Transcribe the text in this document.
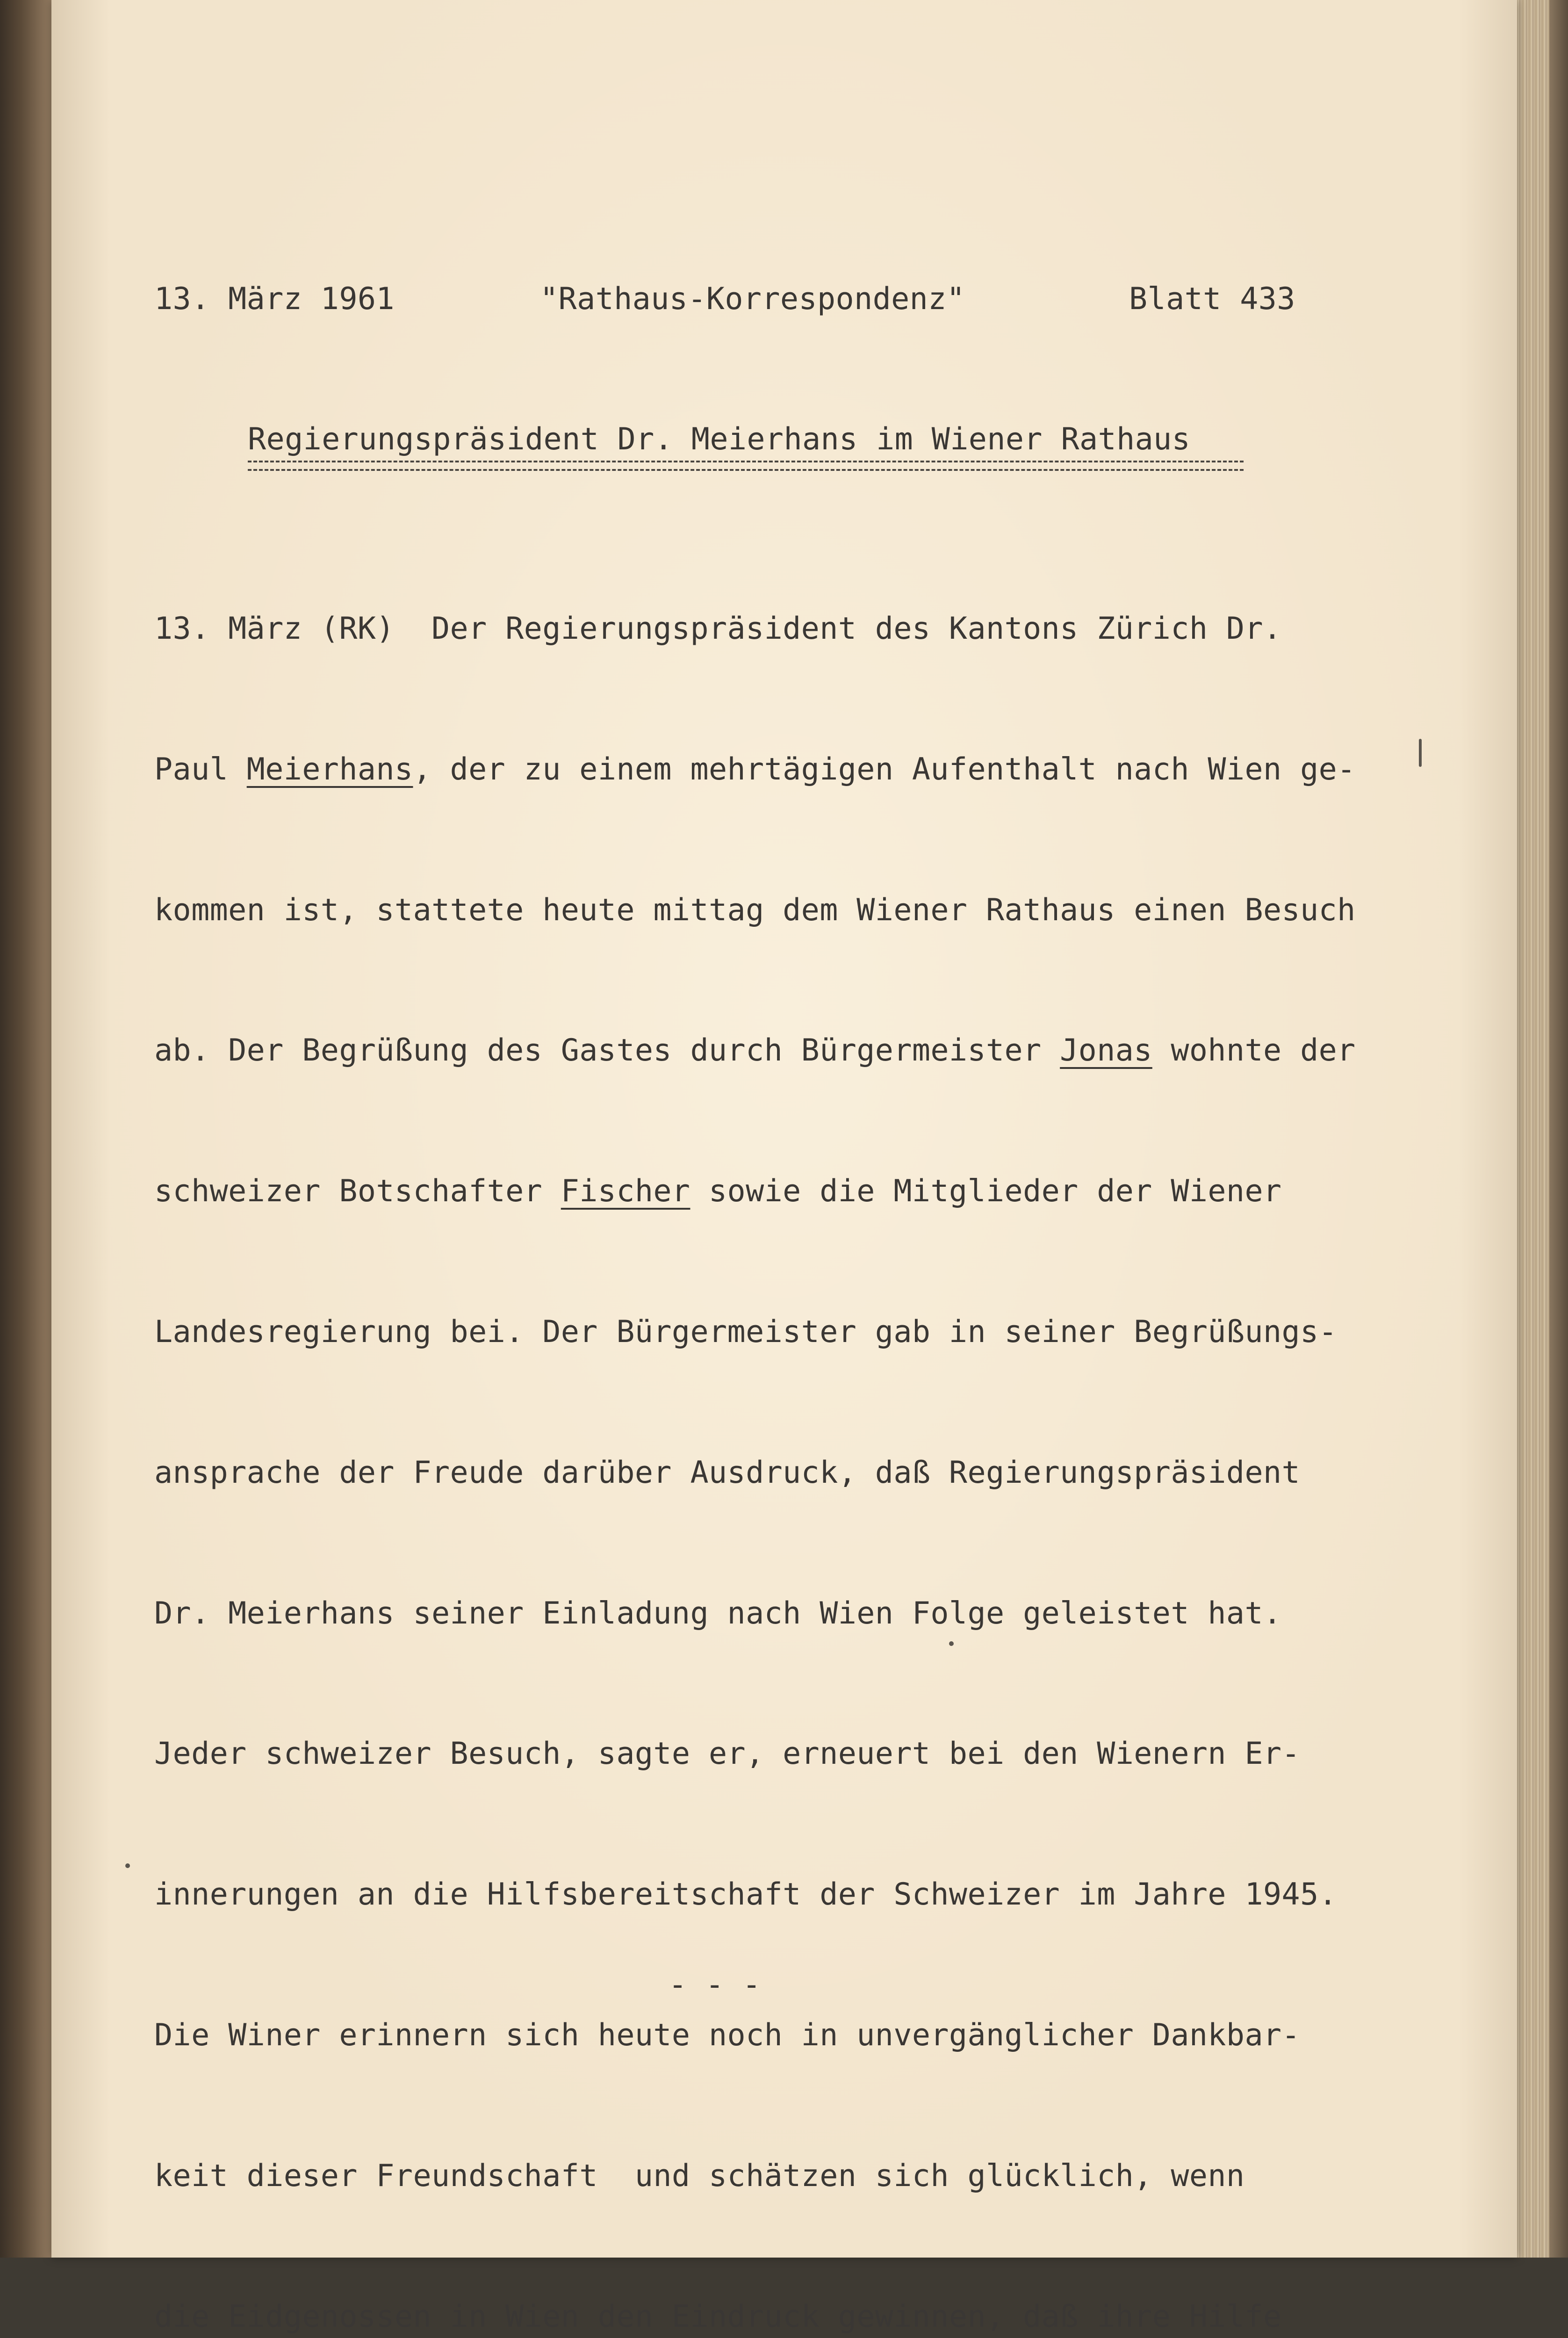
13. März 1961

	"Rathaus-Korrespondenz"

	Blatt 433

Regierungspräsident Dr. Meierhans im Wiener Rathaus

13. März (RK)  Der Regierungspräsident des Kantons Zürich Dr.

Paul Meierhans, der zu einem mehrtägigen Aufenthalt nach Wien ge-

kommen ist, stattete heute mittag dem Wiener Rathaus einen Besuch

ab. Der Begrüßung des Gastes durch Bürgermeister Jonas wohnte der

schweizer Botschafter Fischer sowie die Mitglieder der Wiener

Landesregierung bei. Der Bürgermeister gab in seiner Begrüßungs-

ansprache der Freude darüber Ausdruck, daß Regierungspräsident

Dr. Meierhans seiner Einladung nach Wien Folge geleistet hat.

Jeder schweizer Besuch, sagte er, erneuert bei den Wienern Er-

innerungen an die Hilfsbereitschaft der Schweizer im Jahre 1945.

Die Winer erinnern sich heute noch in unvergänglicher Dankbar-

keit dieser Freundschaft  und schätzen sich glücklich, wenn

die Eidgenossen in Wien den Eindruck gewinnen, daß ihre Hilfe

- - -
